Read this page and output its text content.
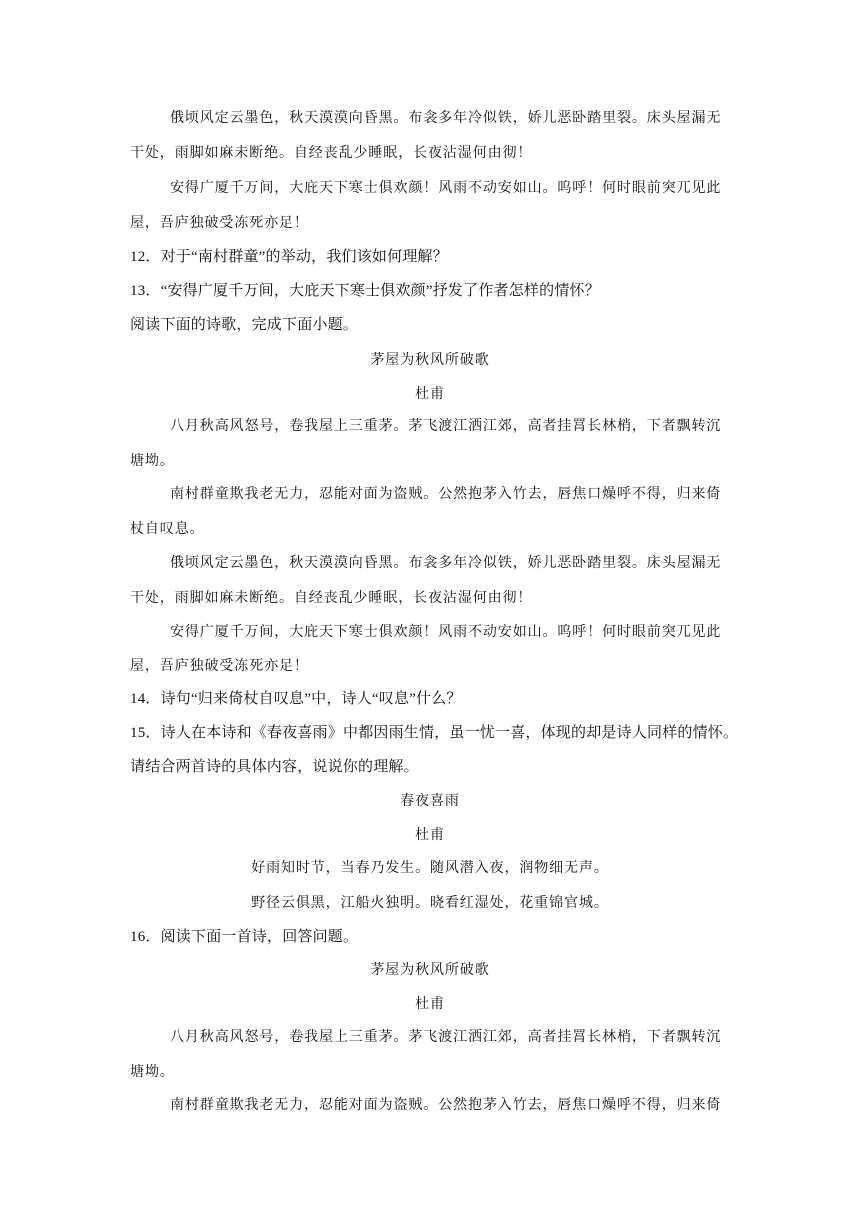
俄顷风定云墨色，秋天漠漠向昏黑。布衾多年冷似铁，娇儿恶卧踏里裂。床头屋漏无
干处，雨脚如麻未断绝。自经丧乱少睡眠，长夜沾湿何由彻！
安得广厦千万间，大庇天下寒士俱欢颜！风雨不动安如山。呜呼！何时眼前突兀见此
屋，吾庐独破受冻死亦足！
12．对于“南村群童”的举动，我们该如何理解？
13．“安得广厦千万间，大庇天下寒士俱欢颜”抒发了作者怎样的情怀？
阅读下面的诗歌，完成下面小题。
茅屋为秋风所破歌
杜甫
八月秋高风怒号，卷我屋上三重茅。茅飞渡江洒江郊，高者挂罥长林梢，下者飘转沉
塘坳。
南村群童欺我老无力，忍能对面为盗贼。公然抱茅入竹去，唇焦口燥呼不得，归来倚
杖自叹息。
俄顷风定云墨色，秋天漠漠向昏黑。布衾多年冷似铁，娇儿恶卧踏里裂。床头屋漏无
干处，雨脚如麻未断绝。自经丧乱少睡眠，长夜沾湿何由彻！
安得广厦千万间，大庇天下寒士俱欢颜！风雨不动安如山。呜呼！何时眼前突兀见此
屋，吾庐独破受冻死亦足！
14．诗句“归来倚杖自叹息”中，诗人“叹息”什么？
15．诗人在本诗和《春夜喜雨》中都因雨生情，虽一忧一喜，体现的却是诗人同样的情怀。
请结合两首诗的具体内容，说说你的理解。
春夜喜雨
杜甫
好雨知时节，当春乃发生。随风潜入夜，润物细无声。
野径云俱黑，江船火独明。晓看红湿处，花重锦官城。
16．阅读下面一首诗，回答问题。
茅屋为秋风所破歌
杜甫
八月秋高风怒号，卷我屋上三重茅。茅飞渡江洒江郊，高者挂罥长林梢，下者飘转沉
塘坳。
南村群童欺我老无力，忍能对面为盗贼。公然抱茅入竹去，唇焦口燥呼不得，归来倚
